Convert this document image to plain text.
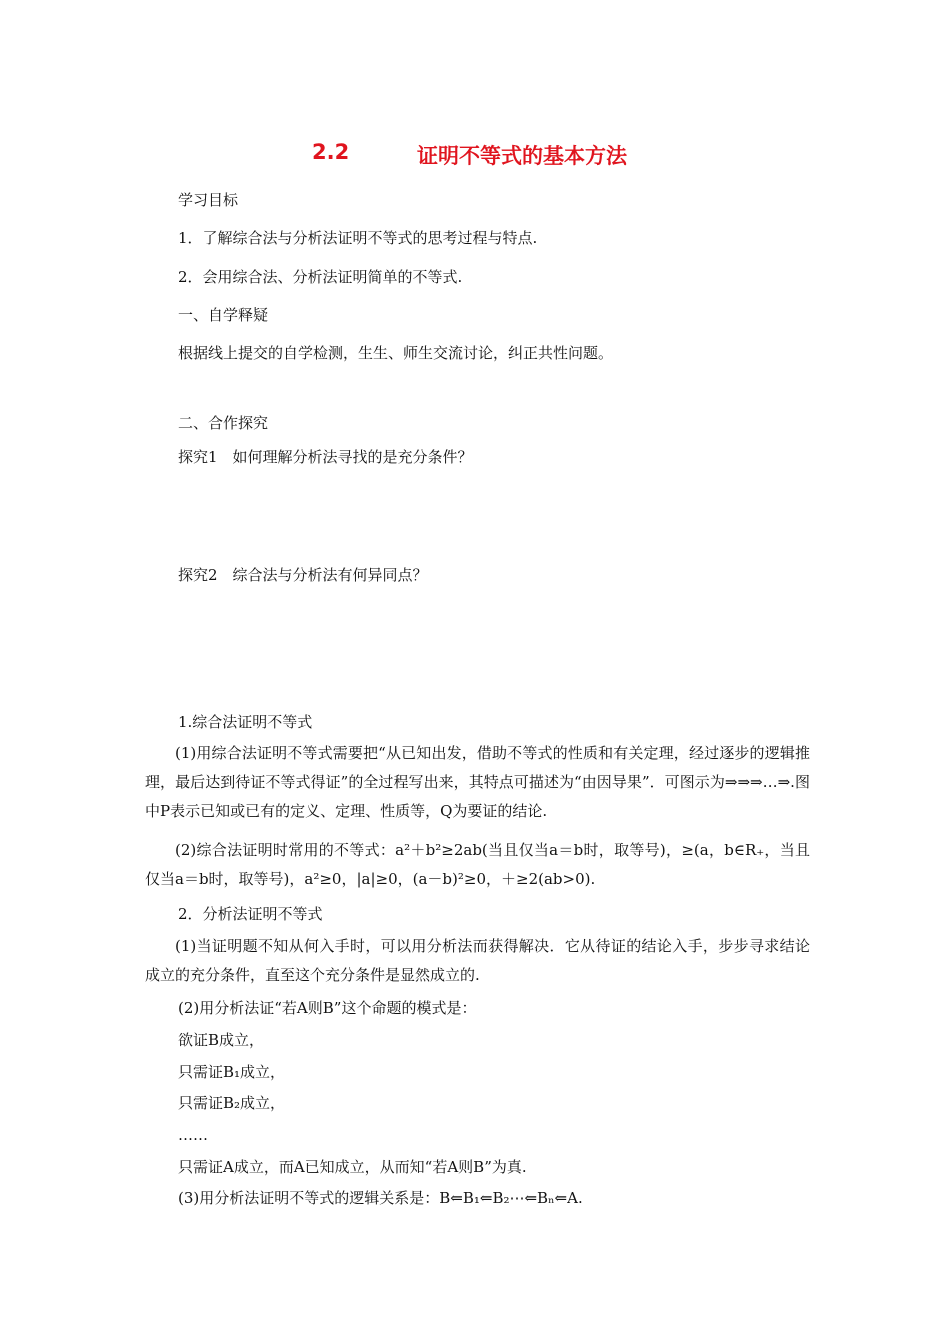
2.2	证明不等式的基本方法
学习目标
1．了解综合法与分析法证明不等式的思考过程与特点.
2．会用综合法、分析法证明简单的不等式.
一、自学释疑
根据线上提交的自学检测，生生、师生交流讨论，纠正共性问题。
二、合作探究
探究1　如何理解分析法寻找的是充分条件？
探究2　综合法与分析法有何异同点？
1.综合法证明不等式
(1)用综合法证明不等式需要把“从已知出发，借助不等式的性质和有关定理，经过逐步的逻辑推理，最后达到待证不等式得证”的全过程写出来，其特点可描述为“由因导果”．可图示为⇒⇒⇒…⇒.图中P表示已知或已有的定义、定理、性质等，Q为要证的结论.
(2)综合法证明时常用的不等式：a²＋b²≥2ab(当且仅当a＝b时，取等号)，≥(a，b∈R₊，当且仅当a＝b时，取等号)，a²≥0，|a|≥0，(a－b)²≥0，＋≥2(ab>0).
2．分析法证明不等式
(1)当证明题不知从何入手时，可以用分析法而获得解决．它从待证的结论入手，步步寻求结论成立的充分条件，直至这个充分条件是显然成立的.
(2)用分析法证“若A则B”这个命题的模式是：
欲证B成立，
只需证B₁成立，
只需证B₂成立，
……
只需证A成立，而A已知成立，从而知“若A则B”为真.
(3)用分析法证明不等式的逻辑关系是：B⇐B₁⇐B₂⋯⇐Bₙ⇐A.
